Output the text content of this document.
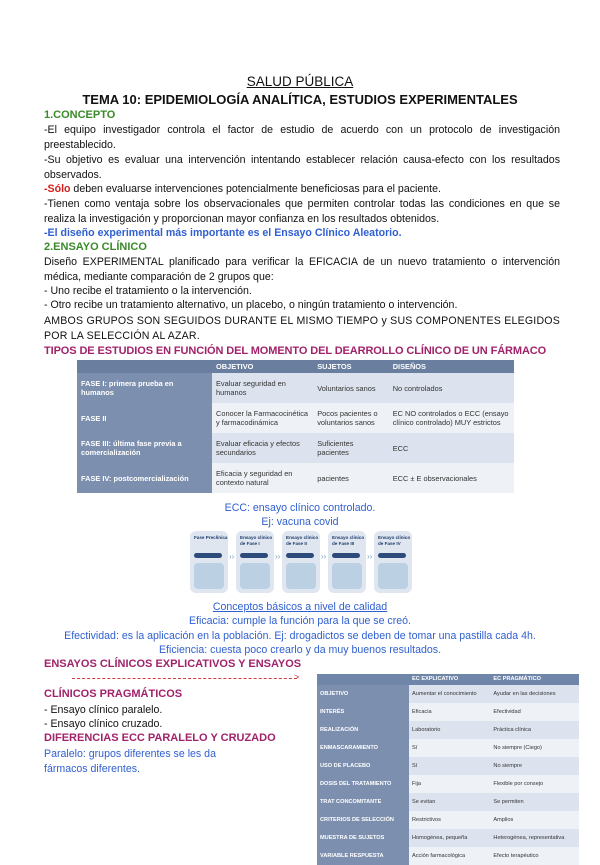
SALUD PÚBLICA
TEMA 10: EPIDEMIOLOGÍA ANALÍTICA, ESTUDIOS EXPERIMENTALES
1.CONCEPTO
-El equipo investigador controla el factor de estudio de acuerdo con un protocolo de investigación preestablecido.
-Su objetivo es evaluar una intervención intentando establecer relación causa-efecto con los resultados observados.
-Sólo deben evaluarse intervenciones potencialmente beneficiosas para el paciente.
-Tienen como ventaja sobre los observacionales que permiten controlar todas las condiciones en que se realiza la investigación y proporcionan mayor confianza en los resultados obtenidos.
-El diseño experimental más importante es el Ensayo Clínico Aleatorio.
2.ENSAYO CLÍNICO
Diseño EXPERIMENTAL planificado para verificar la EFICACIA de un nuevo tratamiento o intervención médica, mediante comparación de 2 grupos que:
- Uno recibe el tratamiento o la intervención.
- Otro recibe un tratamiento alternativo, un placebo, o ningún tratamiento o intervención.
AMBOS GRUPOS SON SEGUIDOS DURANTE EL MISMO TIEMPO y SUS COMPONENTES ELEGIDOS POR LA SELECCIÓN AL AZAR.
TIPOS DE ESTUDIOS EN FUNCIÓN DEL MOMENTO DEL DEARROLLO CLÍNICO DE UN FÁRMACO
	OBJETIVO	SUJETOS	DISEÑOS
FASE I: primera prueba en humanos	Evaluar seguridad en humanos	Voluntarios sanos	No controlados
FASE II	Conocer la Farmacocinética y farmacodinámica	Pocos pacientes o voluntarios sanos	EC NO controlados o ECC (ensayo clínico controlado) MUY estrictos
FASE III: última fase previa a comercialización	Evaluar eficacia y efectos secundarios	Suficientes pacientes	ECC
FASE IV: postcomercialización	Eficacia y seguridad en contexto natural	pacientes	ECC ± E observacionales
ECC: ensayo clínico controlado.
Ej: vacuna covid
Fase Preclínica
››
Ensayo clínico de Fase I
››
Ensayo clínico de Fase II
››
Ensayo clínico de Fase III
››
Ensayo clínico de Fase IV
Conceptos básicos a nivel de calidad
Eficacia: cumple la función para la que se creó.
Efectividad: es la aplicación en la población. Ej: drogadictos se deben de tomar una pastilla cada 4h.
Eficiencia: cuesta poco crearlo y da muy buenos resultados.
ENSAYOS CLÍNICOS EXPLICATIVOS Y ENSAYOS
>
CLÍNICOS PRAGMÁTICOS
- Ensayo clínico paralelo.
- Ensayo clínico cruzado.
DIFERENCIAS ECC PARALELO Y CRUZADO
Paralelo: grupos diferentes se les da fármacos diferentes.
	EC EXPLICATIVO	EC PRAGMÁTICO
OBJETIVO	Aumentar el conocimiento	Ayudar en las decisiones
INTERÉS	Eficacia	Efectividad
REALIZACIÓN	Laboratorio	Práctica clínica
ENMASCARAMIENTO	Sí	No siempre (Ciego)
USO DE PLACEBO	Sí	No siempre
DOSIS DEL TRATAMIENTO	Fija	Flexible por consejo
TRAT CONCOMITANTE	Se evitan	Se permiten
CRITERIOS DE SELECCIÓN	Restrictivos	Amplios
MUESTRA DE SUJETOS	Homogénea, pequeña	Heterogénea, representativa
VARIABLE RESPUESTA	Acción farmacológica	Efecto terapéutico
